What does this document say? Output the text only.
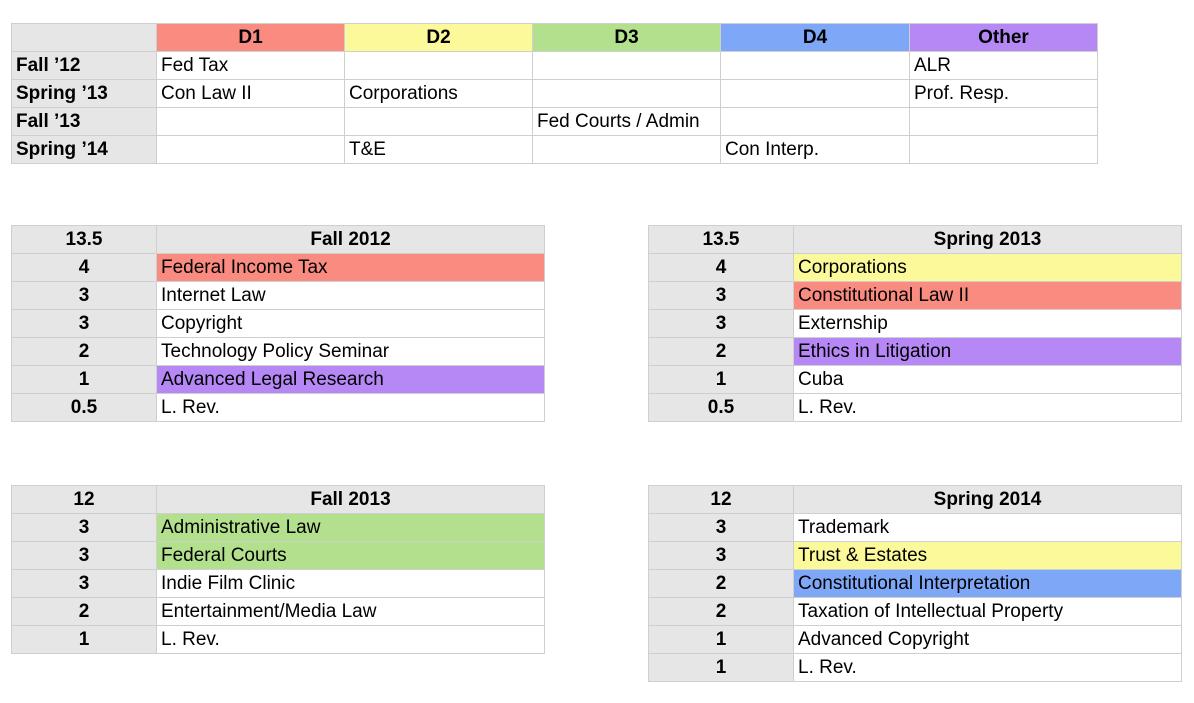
	D1	D2	D3	D4	Other
Fall ’12	Fed Tax				ALR
Spring ’13	Con Law II	Corporations			Prof. Resp.
Fall ’13			Fed Courts / Admin		
Spring ’14		T&E		Con Interp.	
13.5	Fall 2012
4	Federal Income Tax
3	Internet Law
3	Copyright
2	Technology Policy Seminar
1	Advanced Legal Research
0.5	L. Rev.
13.5	Spring 2013
4	Corporations
3	Constitutional Law II
3	Externship
2	Ethics in Litigation
1	Cuba
0.5	L. Rev.
12	Fall 2013
3	Administrative Law
3	Federal Courts
3	Indie Film Clinic
2	Entertainment/Media Law
1	L. Rev.
12	Spring 2014
3	Trademark
3	Trust & Estates
2	Constitutional Interpretation
2	Taxation of Intellectual Property
1	Advanced Copyright
1	L. Rev.
